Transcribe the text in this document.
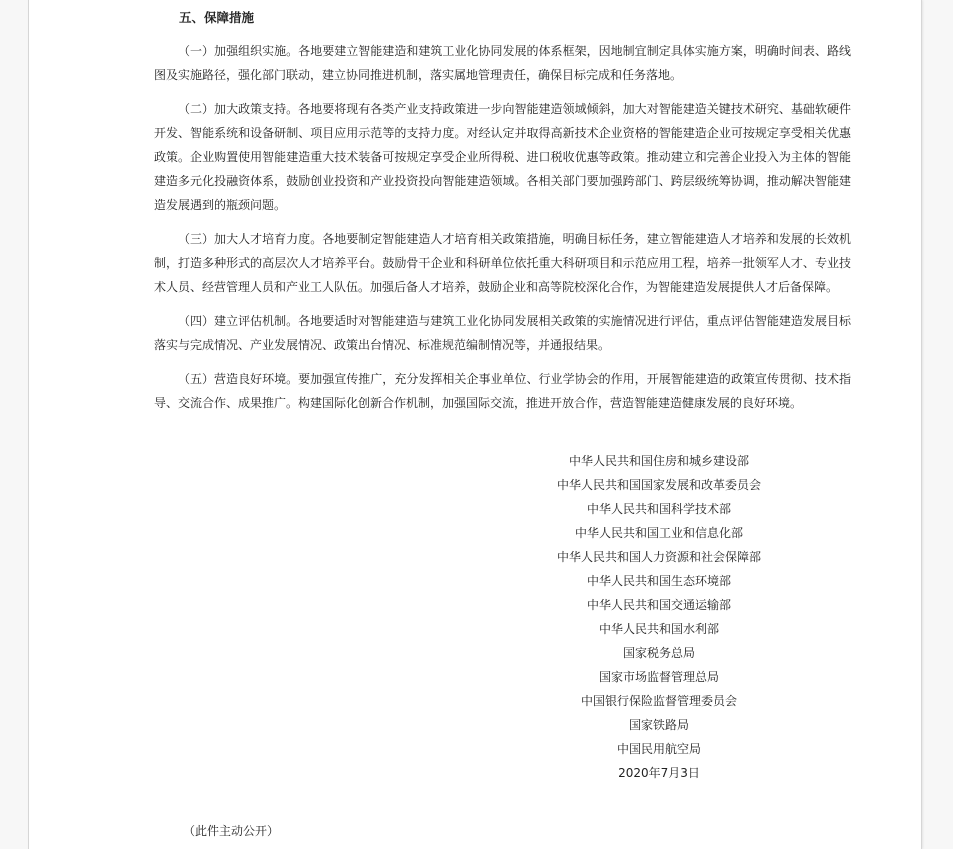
五、保障措施
（一）加强组织实施。各地要建立智能建造和建筑工业化协同发展的体系框架，因地制宜制定具体实施方案，明确时间表、路线图及实施路径，强化部门联动，建立协同推进机制，落实属地管理责任，确保目标完成和任务落地。
（二）加大政策支持。各地要将现有各类产业支持政策进一步向智能建造领域倾斜，加大对智能建造关键技术研究、基础软硬件开发、智能系统和设备研制、项目应用示范等的支持力度。对经认定并取得高新技术企业资格的智能建造企业可按规定享受相关优惠政策。企业购置使用智能建造重大技术装备可按规定享受企业所得税、进口税收优惠等政策。推动建立和完善企业投入为主体的智能建造多元化投融资体系，鼓励创业投资和产业投资投向智能建造领域。各相关部门要加强跨部门、跨层级统筹协调，推动解决智能建造发展遇到的瓶颈问题。
（三）加大人才培育力度。各地要制定智能建造人才培育相关政策措施，明确目标任务，建立智能建造人才培养和发展的长效机制，打造多种形式的高层次人才培养平台。鼓励骨干企业和科研单位依托重大科研项目和示范应用工程，培养一批领军人才、专业技术人员、经营管理人员和产业工人队伍。加强后备人才培养，鼓励企业和高等院校深化合作，为智能建造发展提供人才后备保障。
（四）建立评估机制。各地要适时对智能建造与建筑工业化协同发展相关政策的实施情况进行评估，重点评估智能建造发展目标落实与完成情况、产业发展情况、政策出台情况、标准规范编制情况等，并通报结果。
（五）营造良好环境。要加强宣传推广，充分发挥相关企事业单位、行业学协会的作用，开展智能建造的政策宣传贯彻、技术指导、交流合作、成果推广。构建国际化创新合作机制，加强国际交流，推进开放合作，营造智能建造健康发展的良好环境。
中华人民共和国住房和城乡建设部
中华人民共和国国家发展和改革委员会
中华人民共和国科学技术部
中华人民共和国工业和信息化部
中华人民共和国人力资源和社会保障部
中华人民共和国生态环境部
中华人民共和国交通运输部
中华人民共和国水利部
国家税务总局
国家市场监督管理总局
中国银行保险监督管理委员会
国家铁路局
中国民用航空局
2020年7月3日
（此件主动公开）
